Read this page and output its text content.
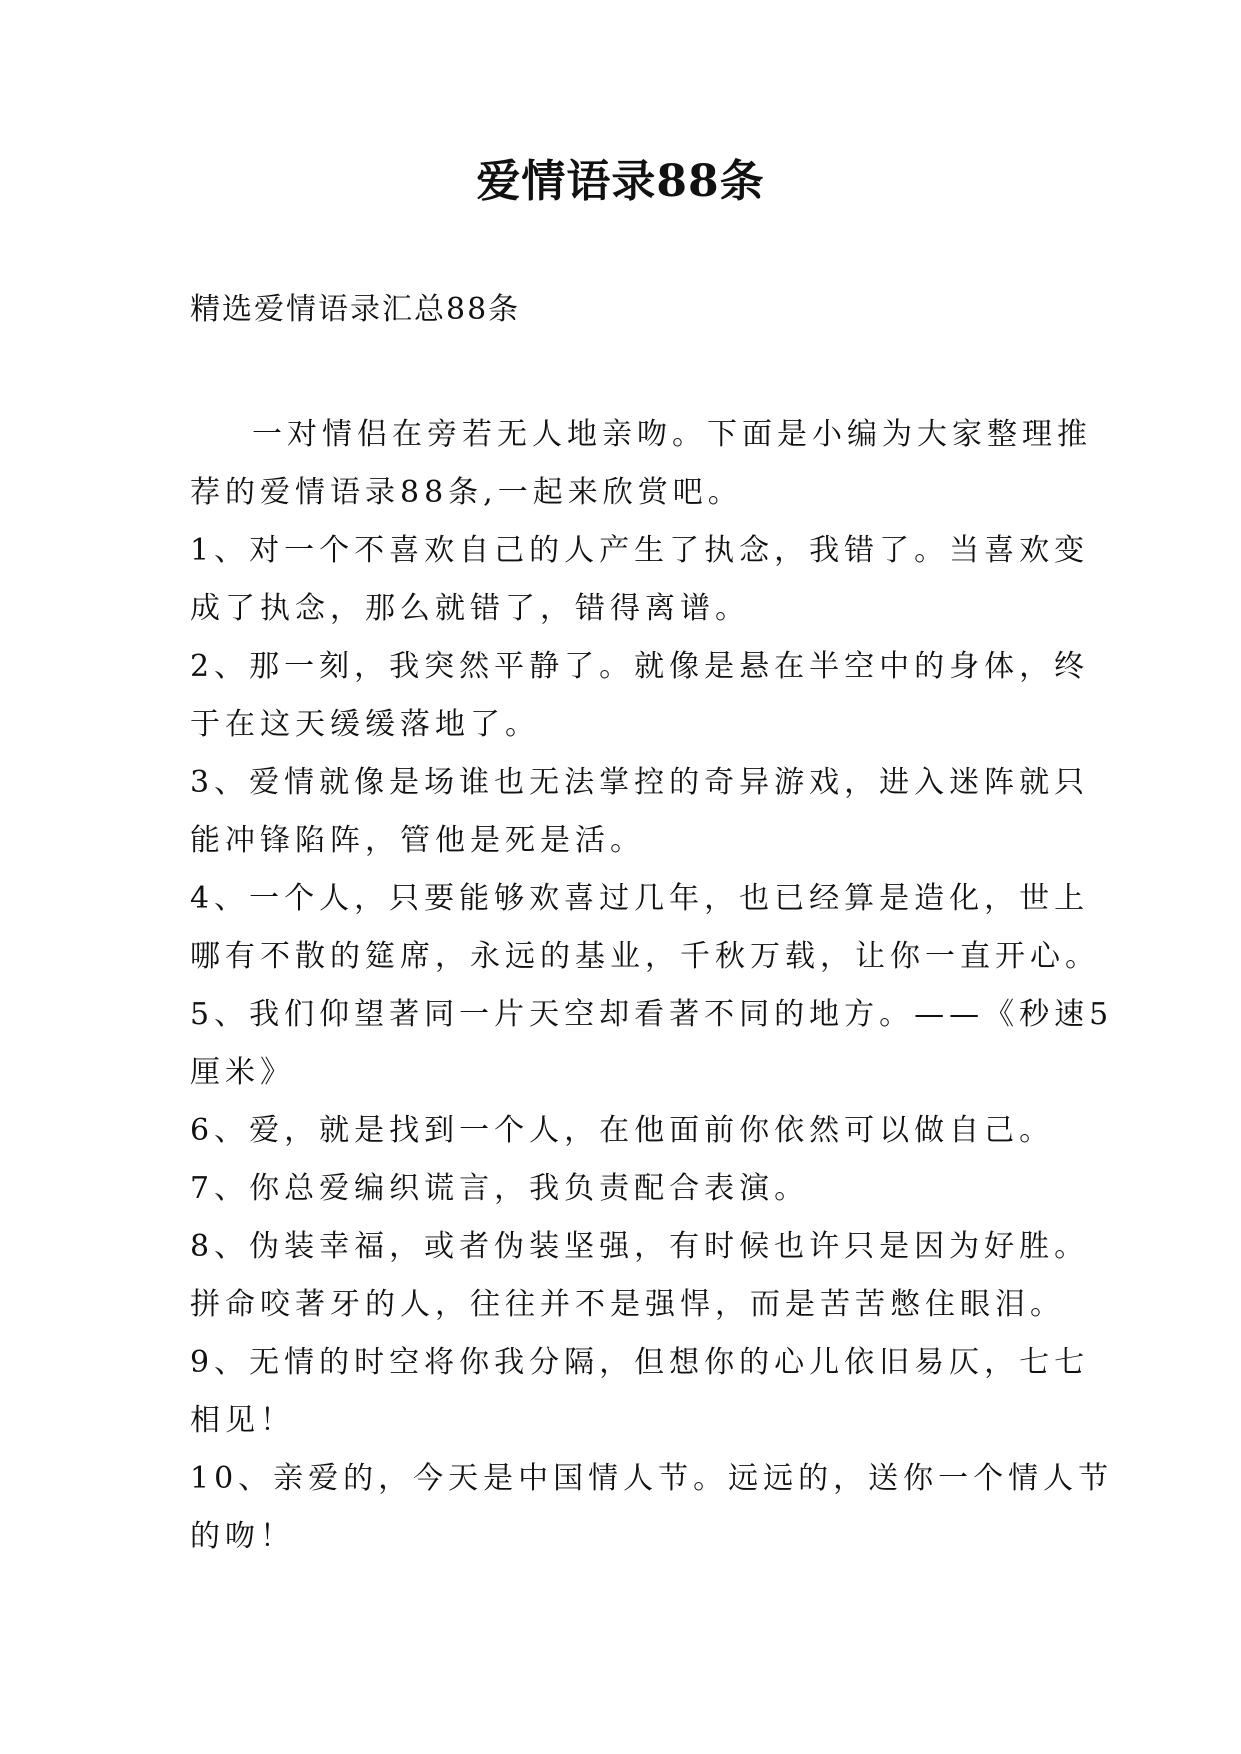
爱情语录88条

精选爱情语录汇总88条

一对情侣在旁若无人地亲吻。下面是小编为大家整理推
荐的爱情语录88条,一起来欣赏吧。

1、对一个不喜欢自己的人产生了执念，我错了。当喜欢变
成了执念，那么就错了，错得离谱。

2、那一刻，我突然平静了。就像是悬在半空中的身体，终
于在这天缓缓落地了。

3、爱情就像是场谁也无法掌控的奇异游戏，进入迷阵就只
能冲锋陷阵，管他是死是活。

4、一个人，只要能够欢喜过几年，也已经算是造化，世上
哪有不散的筵席，永远的基业，千秋万载，让你一直开心。

5、我们仰望著同一片天空却看著不同的地方。——《秒速5
厘米》

6、爱，就是找到一个人，在他面前你依然可以做自己。

7、你总爱编织谎言，我负责配合表演。

8、伪装幸福，或者伪装坚强，有时候也许只是因为好胜。
拼命咬著牙的人，往往并不是强悍，而是苦苦憋住眼泪。

9、无情的时空将你我分隔，但想你的心儿依旧易仄，七七
相见！

10、亲爱的，今天是中国情人节。远远的，送你一个情人节
的吻！
